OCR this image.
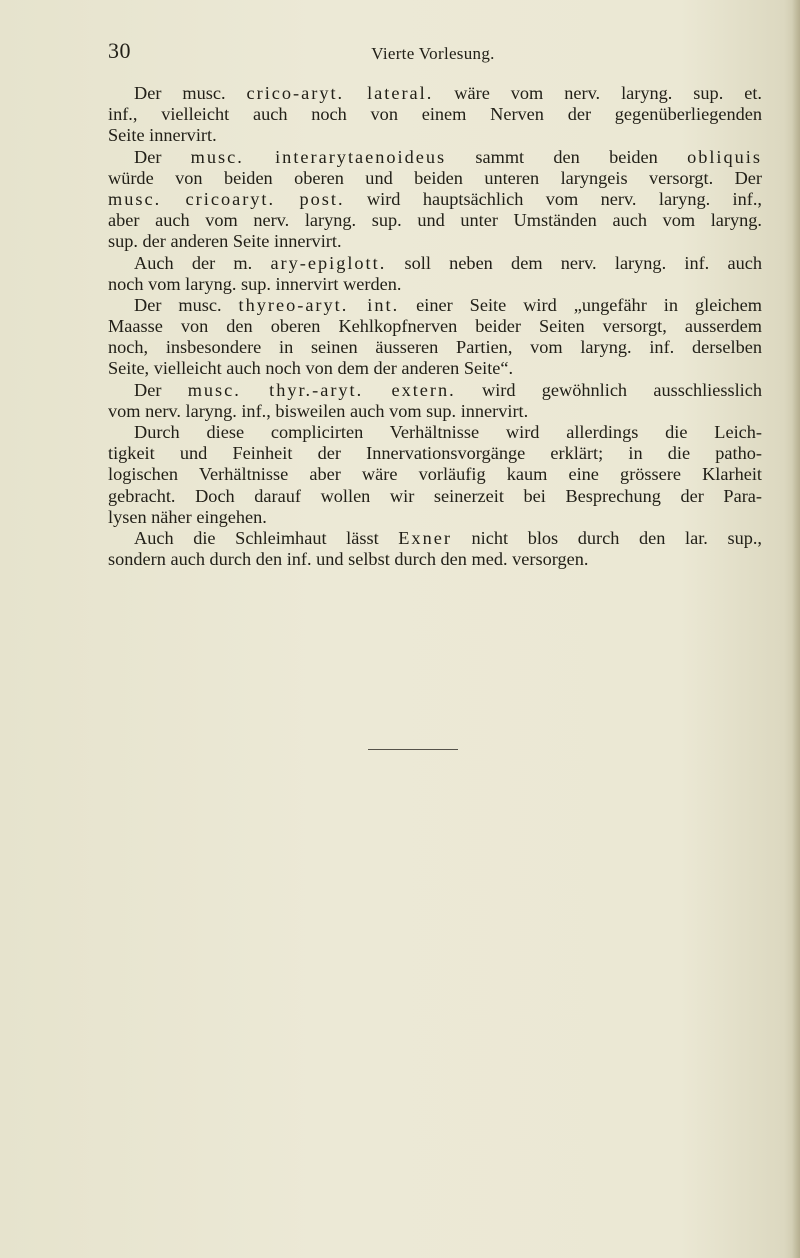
30	Vierte Vorlesung.
Der musc. crico-aryt. lateral. wäre vom nerv. laryng. sup. et.
inf., vielleicht auch noch von einem Nerven der gegenüberliegenden
Seite innervirt.
Der musc. interarytaenoideus sammt den beiden obliquis
würde von beiden oberen und beiden unteren laryngeis versorgt. Der
musc. cricoaryt. post. wird hauptsächlich vom nerv. laryng. inf.,
aber auch vom nerv. laryng. sup. und unter Umständen auch vom laryng.
sup. der anderen Seite innervirt.
Auch der m. ary-epiglott. soll neben dem nerv. laryng. inf. auch
noch vom laryng. sup. innervirt werden.
Der musc. thyreo-aryt. int. einer Seite wird „ungefähr in gleichem
Maasse von den oberen Kehlkopfnerven beider Seiten versorgt, ausserdem
noch, insbesondere in seinen äusseren Partien, vom laryng. inf. derselben
Seite, vielleicht auch noch von dem der anderen Seite“.
Der musc. thyr.-aryt. extern. wird gewöhnlich ausschliesslich
vom nerv. laryng. inf., bisweilen auch vom sup. innervirt.
Durch diese complicirten Verhältnisse wird allerdings die Leich-
tigkeit und Feinheit der Innervationsvorgänge erklärt; in die patho-
logischen Verhältnisse aber wäre vorläufig kaum eine grössere Klarheit
gebracht. Doch darauf wollen wir seinerzeit bei Besprechung der Para-
lysen näher eingehen.
Auch die Schleimhaut lässt Exner nicht blos durch den lar. sup.,
sondern auch durch den inf. und selbst durch den med. versorgen.
